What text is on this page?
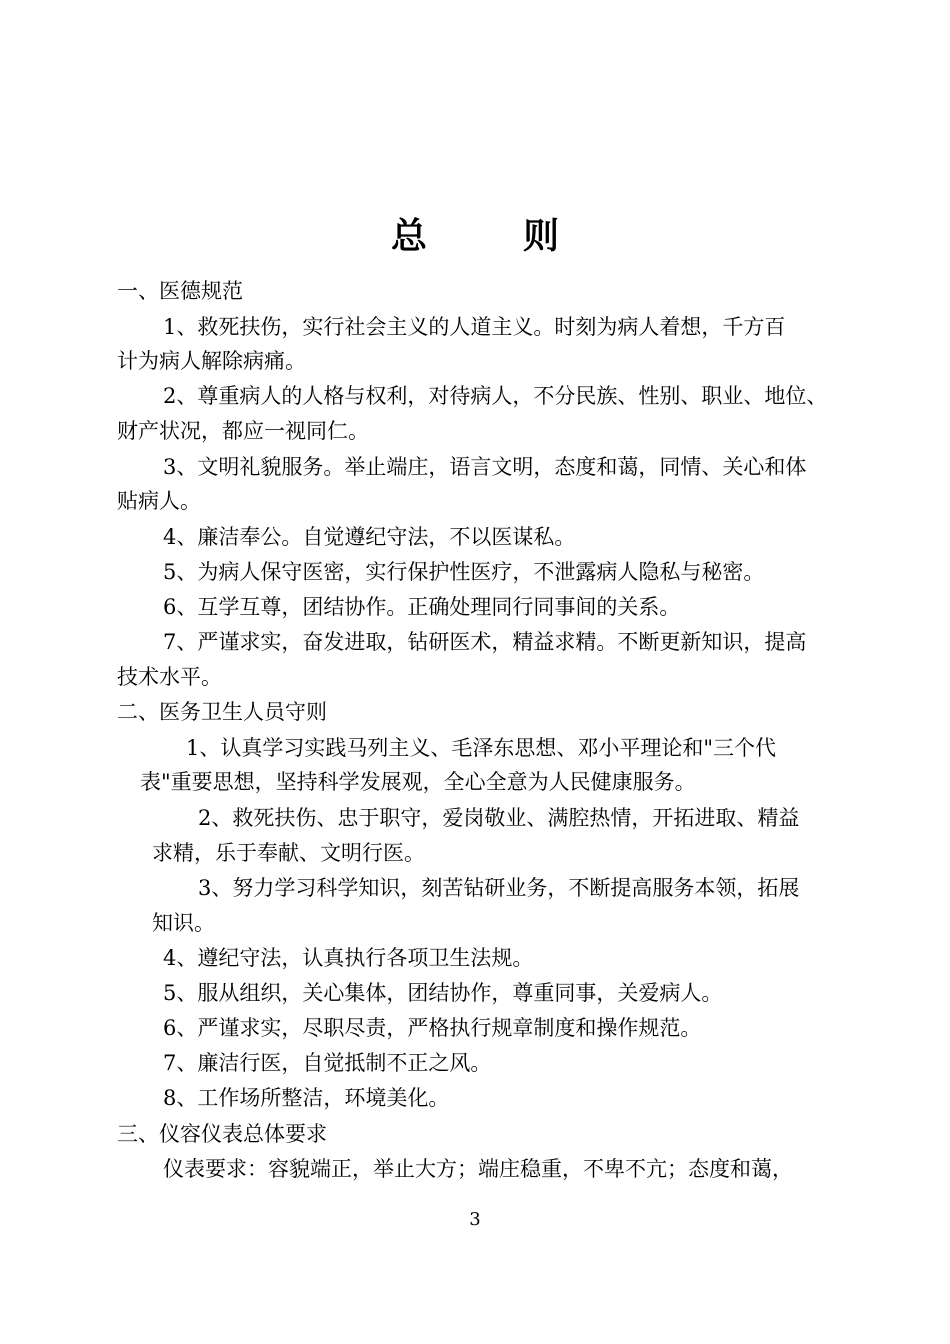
总　则
一、医德规范
1、救死扶伤，实行社会主义的人道主义。时刻为病人着想，千方百
计为病人解除病痛。
2、尊重病人的人格与权利，对待病人，不分民族、性别、职业、地位、
财产状况，都应一视同仁。
3、文明礼貌服务。举止端庄，语言文明，态度和蔼，同情、关心和体
贴病人。
4、廉洁奉公。自觉遵纪守法，不以医谋私。
5、为病人保守医密，实行保护性医疗，不泄露病人隐私与秘密。
6、互学互尊，团结协作。正确处理同行同事间的关系。
7、严谨求实，奋发进取，钻研医术，精益求精。不断更新知识，提高
技术水平。
二、医务卫生人员守则
1、认真学习实践马列主义、毛泽东思想、邓小平理论和"三个代
表"重要思想，坚持科学发展观，全心全意为人民健康服务。
2、救死扶伤、忠于职守，爱岗敬业、满腔热情，开拓进取、精益
求精，乐于奉献、文明行医。
3、努力学习科学知识，刻苦钻研业务，不断提高服务本领，拓展
知识。
4、遵纪守法，认真执行各项卫生法规。
5、服从组织，关心集体，团结协作，尊重同事，关爱病人。
6、严谨求实，尽职尽责，严格执行规章制度和操作规范。
7、廉洁行医，自觉抵制不正之风。
8、工作场所整洁，环境美化。
三、仪容仪表总体要求
仪表要求：容貌端正，举止大方；端庄稳重，不卑不亢；态度和蔼，
3
